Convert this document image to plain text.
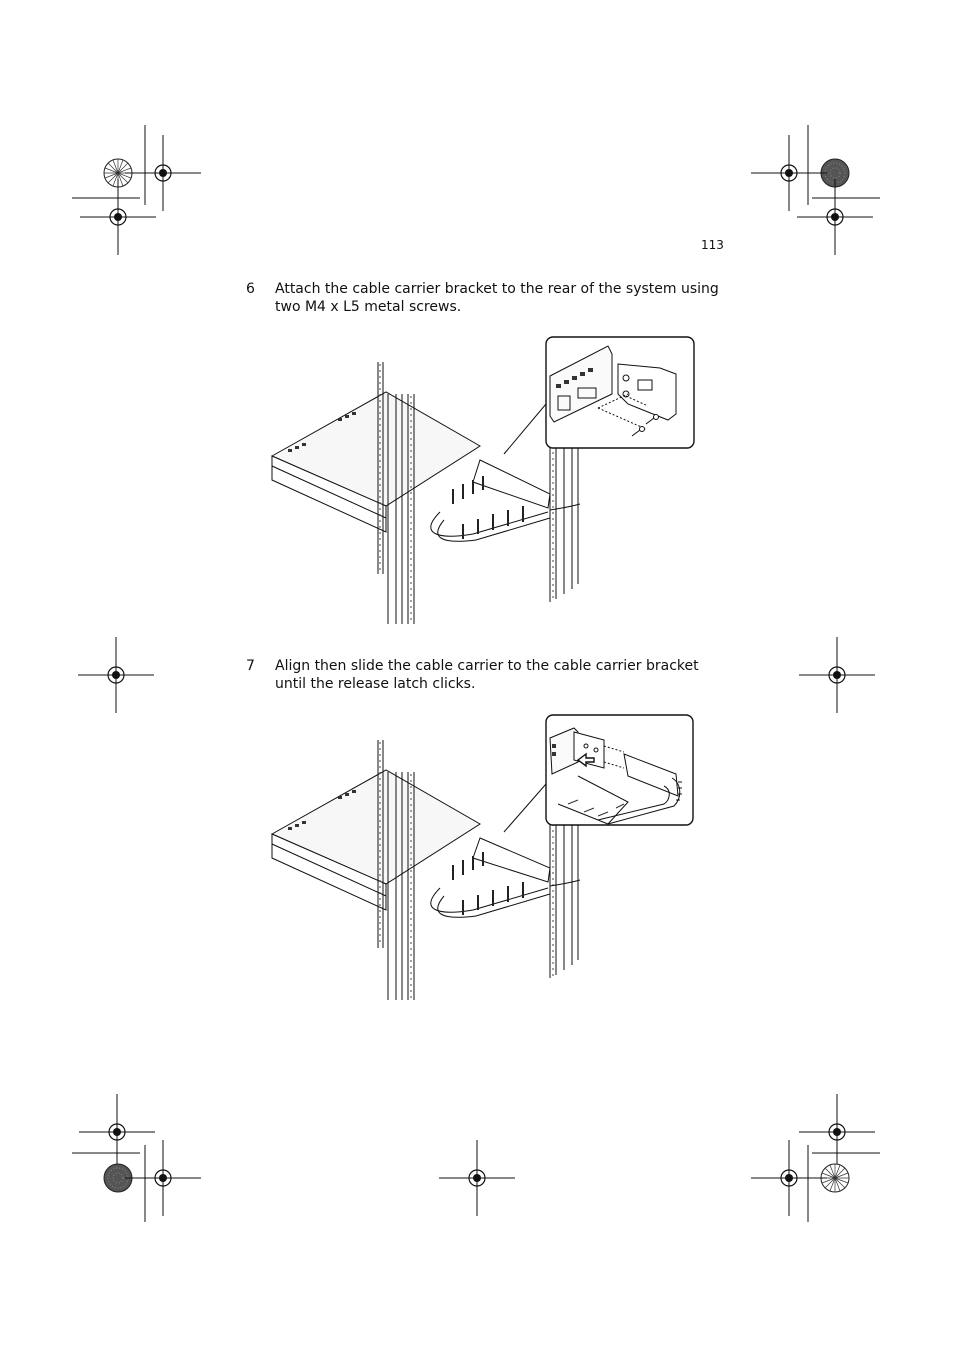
113
6 Attach the cable carrier bracket to the rear of the system using two M4 x L5 metal screws.
7 Align then slide the cable carrier to the cable carrier bracket until the release latch clicks.
